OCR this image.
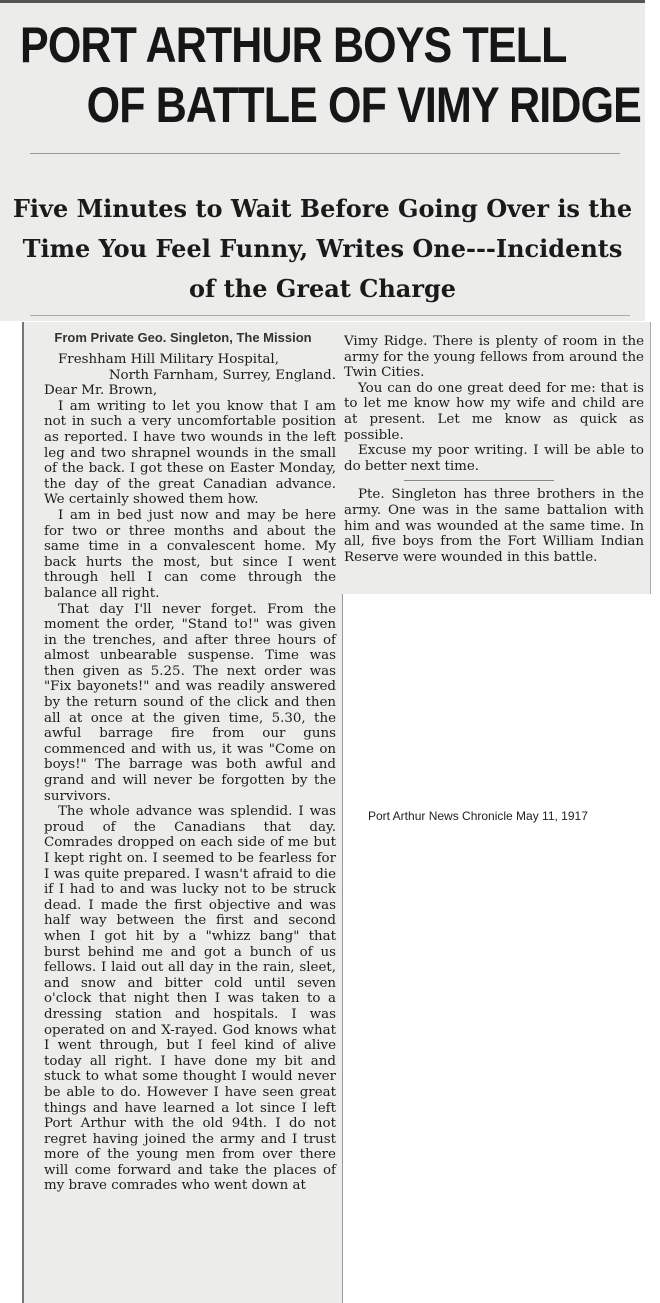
PORT ARTHUR BOYS TELL
OF BATTLE OF VIMY RIDGE
Five Minutes to Wait Before Going Over is the
Time You Feel Funny, Writes One---Incidents
of the Great Charge
From Private Geo. Singleton, The Mission

Freshham Hill Military Hospital,

North Farnham, Surrey, England.

Dear Mr. Brown,

I am writing to let you know that I am not in such a very uncomfortable position as reported. I have two wounds in the left leg and two shrapnel wounds in the small of the back. I got these on Easter Monday, the day of the great Canadian advance. We certainly showed them how.

I am in bed just now and may be here for two or three months and about the same time in a convalescent home. My back hurts the most, but since I went through hell I can come through the balance all right.

That day I'll never forget. From the moment the order, "Stand to!" was given in the trenches, and after three hours of almost unbearable suspense. Time was then given as 5.25. The next order was "Fix bayonets!" and was readily answered by the return sound of the click and then all at once at the given time, 5.30, the awful barrage fire from our guns commenced and with us, it was "Come on boys!" The barrage was both awful and grand and will never be forgotten by the survivors.

The whole advance was splendid. I was proud of the Canadians that day. Comrades dropped on each side of me but I kept right on. I seemed to be fearless for I was quite prepared. I wasn't afraid to die if I had to and was lucky not to be struck dead. I made the first objective and was half way between the first and second when I got hit by a "whizz bang" that burst behind me and got a bunch of us fellows. I laid out all day in the rain, sleet, and snow and bitter cold until seven o'clock that night then I was taken to a dressing station and hospitals. I was operated on and X-rayed. God knows what I went through, but I feel kind of alive today all right. I have done my bit and stuck to what some thought I would never be able to do. However I have seen great things and have learned a lot since I left Port Arthur with the old 94th. I do not regret having joined the army and I trust more of the young men from over there will come forward and take the places of my brave comrades who went down at

Vimy Ridge. There is plenty of room in the army for the young fellows from around the Twin Cities.

You can do one great deed for me: that is to let me know how my wife and child are at present. Let me know as quick as possible.

Excuse my poor writing. I will be able to do better next time.

Pte. Singleton has three brothers in the army. One was in the same battalion with him and was wounded at the same time. In all, five boys from the Fort William Indian Reserve were wounded in this battle.

Port Arthur News Chronicle May 11, 1917
